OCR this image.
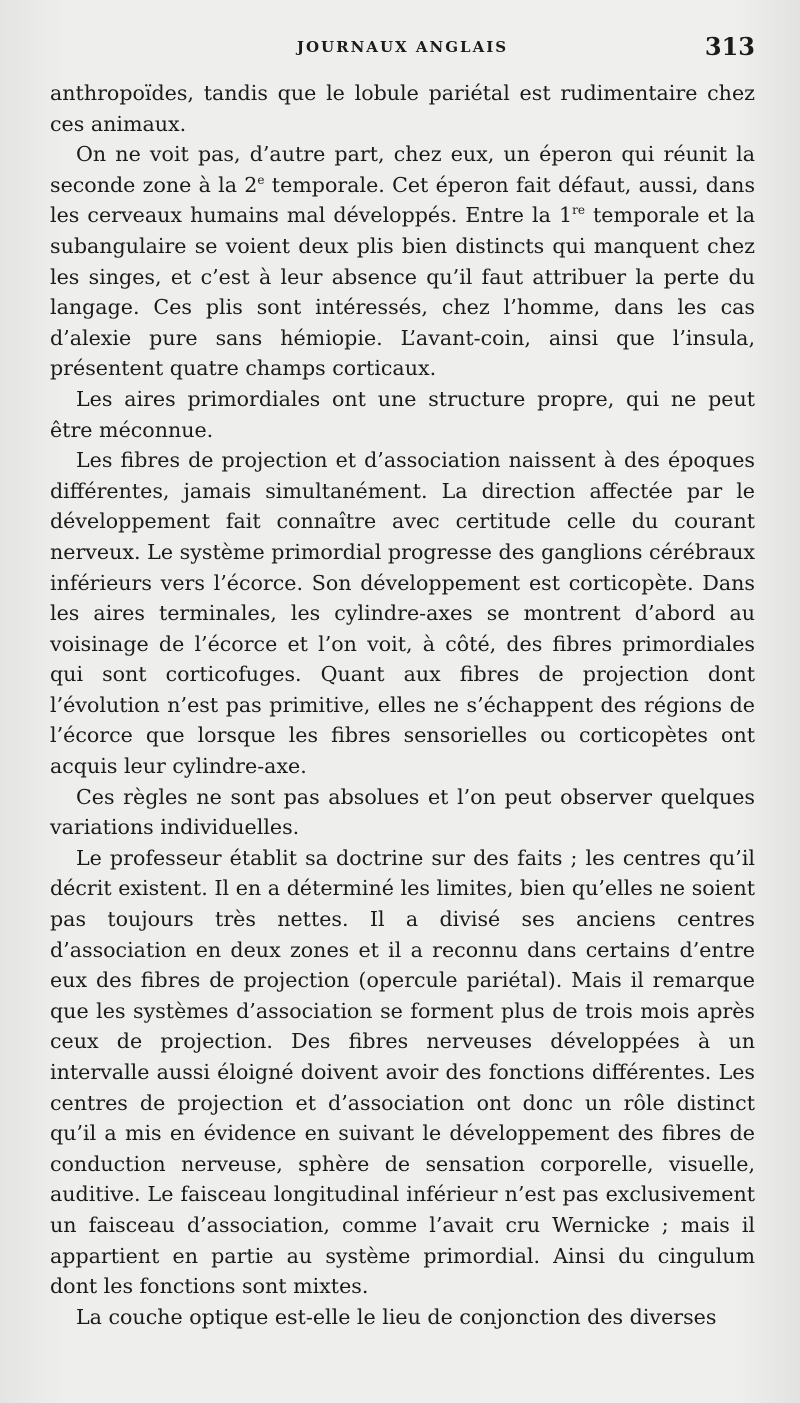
JOURNAUX ANGLAIS	313

anthropoïdes, tandis que le lobule pariétal est rudimentaire chez ces animaux.

On ne voit pas, d’autre part, chez eux, un éperon qui réunit la seconde zone à la 2e temporale. Cet éperon fait défaut, aussi, dans les cerveaux humains mal développés. Entre la 1re temporale et la subangulaire se voient deux plis bien distincts qui manquent chez les singes, et c’est à leur absence qu’il faut attribuer la perte du langage. Ces plis sont intéressés, chez l’homme, dans les cas d’alexie pure sans hémiopie. L’avant-coin, ainsi que l’insula, présentent quatre champs corticaux.

Les aires primordiales ont une structure propre, qui ne peut être méconnue.

Les fibres de projection et d’association naissent à des époques différentes, jamais simultanément. La direction affectée par le développement fait connaître avec certitude celle du courant nerveux. Le système primordial progresse des ganglions cérébraux inférieurs vers l’écorce. Son développement est corticopète. Dans les aires terminales, les cylindre-axes se montrent d’abord au voisinage de l’écorce et l’on voit, à côté, des fibres primordiales qui sont corticofuges. Quant aux fibres de projection dont l’évolution n’est pas primitive, elles ne s’échappent des régions de l’écorce que lorsque les fibres sensorielles ou corticopètes ont acquis leur cylindre-axe.

Ces règles ne sont pas absolues et l’on peut observer quelques variations individuelles.

Le professeur établit sa doctrine sur des faits ; les centres qu’il décrit existent. Il en a déterminé les limites, bien qu’elles ne soient pas toujours très nettes. Il a divisé ses anciens centres d’association en deux zones et il a reconnu dans certains d’entre eux des fibres de projection (opercule pariétal). Mais il remarque que les systèmes d’association se forment plus de trois mois après ceux de projection. Des fibres nerveuses développées à un intervalle aussi éloigné doivent avoir des fonctions différentes. Les centres de projection et d’association ont donc un rôle distinct qu’il a mis en évidence en suivant le développement des fibres de conduction nerveuse, sphère de sensation corporelle, visuelle, auditive. Le faisceau longitudinal inférieur n’est pas exclusivement un faisceau d’association, comme l’avait cru Wernicke ; mais il appartient en partie au système primordial. Ainsi du cingulum dont les fonctions sont mixtes.

La couche optique est-elle le lieu de conjonction des diverses
